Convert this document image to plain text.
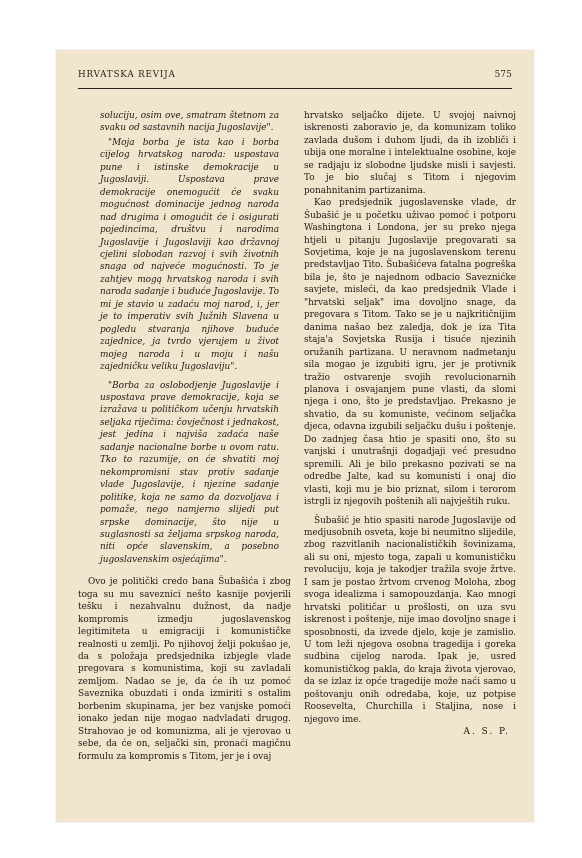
HRVATSKA REVIJA	575

soluciju, osim ove, smatram štetnom za svaku od sastavnih nacija Jugoslavije".

"Moja borba je ista kao i borba cijelog hrvatskog naroda: uspostava pune i istinske demokracije u Jugoslaviji. Uspostava prave demokracije onemogućit će svaku mogućnost dominacije jednog naroda nad drugima i omogućit će i osigurati pojedincima, društvu i narodima Jugoslavije i Jugoslaviji kao državnoj cjelini slobodan razvoj i svih životnih snaga od najveće mogućnosti. To je zahtjev mogą hrvatskog naroda i svih naroda sadanje i buduće Jugoslavije. To mi je stavio u zadaću moj narod, i, jer je to imperativ svih Južnih Slavena u pogledu stvaranja njihove buduće zajednice, ja tvrdo vjerujem u život mojeg naroda i u moju i našu zajedničku veliku Jugoslaviju".

"Borba za oslobodjenje Jugoslavije i uspostava prave demokracije, koja se izražava u političkom učenju hrvatskih seljaka riječima: čovječnost i jednakost, jest jedina i najviša zadaća naše sadanje nacionalne borbe u ovom ratu. Tko to razumije, on će shvatiti moj nekompromisni stav protiv sadanje vlade Jugoslavije, i njezine sadanje politike, koja ne samo da dozvoljava i pomaže, nego namjerno slijedi put srpske dominacije, što nije u suglasnosti sa željama srpskog naroda, niti opće slavenskim, a posebno jugoslavenskim osjećajima".

Ovo je politički credo bana Šubašića i zbog toga su mu saveznici nešto kasnije povjerili tešku i nezahvalnu dužnost, da nadje kompromis izmedju jugoslavenskog legitimiteta u emigraciji i komunističke realnosti u zemlji. Po njihovoj želji pokušao je, da s položaja predsjednika izbjegle vlade pregovara s komunistima, koji su zavladali zemljom. Nadao se je, da će ih uz pomoć Saveznika obuzdati i onda izmiriti s ostalim borbenim skupinama, jer bez vanjske pomoći ionako jedan nije mogao nadvladati drugog. Strahovao je od komunizma, ali je vjerovao u sebe, da će on, seljački sin, pronaći magičnu formulu za kompromis s Titom, jer je i ovaj

hrvatsko seljačko dijete. U svojoj naivnoj iskrenosti zaboravio je, da komunizam toliko zavlada dušom i duhom ljudi, da ih izobliči i ubija one moralne i intelektualne osobine, koje se radjaju iz slobodne ljudske misli i savjesti. To je bio slučaj s Titom i njegovim ponahnitanim partizanima.

Kao predsjednik jugoslavenske vlade, dr Šubašić je u početku uživao pomoć i potporu Washingtona i Londona, jer su preko njega htjeli u pitanju Jugoslavije pregovarati sa Sovjetima, koje je na jugoslavenskom terenu predstavljao Tito. Šubašićeva fatalna pogreška bila je, što je najednom odbacio Saveznićke savjete, misleći, da kao predsjednik Vlade i "hrvatski seljak" ima dovoljno snage, da pregovara s Titom. Tako se je u najkritičnijim danima našao bez zaledja, dok je iza Tita staja'a Sovjetska Rusija i tisuće njezinih oružanih partizana. U neravnom nadmetanju sila mogao je izgubiti igru, jer je protivnik tražio ostvarenje svojih revolucionarnih planova i osvajanjem pune vlasti, da slomi njega i ono, što je predstavljao. Prekasno je shvatio, da su komuniste, većinom seljačka djeca, odavna izgubili seljačku dušu i poštenje. Do zadnjeg časa htio je spasiti ono, što su vanjski i unutrašnji dogadjaji već presudno spremili. Ali je bilo prekasno pozivati se na odredbe Jalte, kad su komunisti i onaj dio vlasti, koji mu je bio priznat, silom i terorom istrgli iz njegovih poštenih ali najvještih ruku.

Šubašić je htio spasiti narode Jugoslavije od medjusobnih osveta, koje bi neumitno slijedile, zbog razvitlanih nacionalističkih šovinizama, ali su oni, mjesto toga, zapali u komunističku revoluciju, koja je takodjer tražila svoje žrtve. I sam je postao žrtvom crvenog Moloha, zbog svoga idealizma i samopouzdanja. Kao mnogi hrvatski političar u prošlosti, on uza svu iskrenost i poštenje, nije imao dovoljno snage i sposobnosti, da izvede djelo, koje je zamislio. U tom leži njegova osobna tragedija i goreka sudbina cijelog naroda. Ipak je, usred komunističkog pakla, do kraja života vjerovao, da se izlaz iz opće tragedije može naći samo u poštovanju onih odredaba, koje, uz potpise Roosevelta, Churchilla i Staljina, nose i njegovo ime.

A. S. P.
